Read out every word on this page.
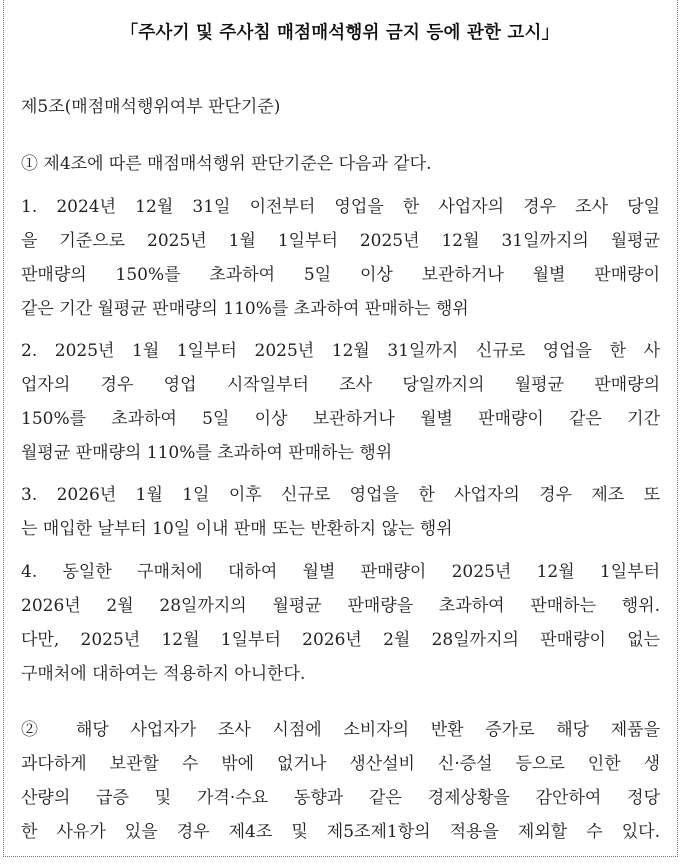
「주사기 및 주사침 매점매석행위 금지 등에 관한 고시」
제5조(매점매석행위여부 판단기준)
① 제4조에 따른 매점매석행위 판단기준은 다음과 같다.
1. 2024년 12월 31일 이전부터 영업을 한 사업자의 경우 조사 당일
을 기준으로 2025년 1월 1일부터 2025년 12월 31일까지의 월평균
판매량의 150%를 초과하여 5일 이상 보관하거나 월별 판매량이
같은 기간 월평균 판매량의 110%를 초과하여 판매하는 행위
2. 2025년 1월 1일부터 2025년 12월 31일까지 신규로 영업을 한 사
업자의 경우 영업 시작일부터 조사 당일까지의 월평균 판매량의
150%를 초과하여 5일 이상 보관하거나 월별 판매량이 같은 기간
월평균 판매량의 110%를 초과하여 판매하는 행위
3. 2026년 1월 1일 이후 신규로 영업을 한 사업자의 경우 제조 또
는 매입한 날부터 10일 이내 판매 또는 반환하지 않는 행위
4. 동일한 구매처에 대하여 월별 판매량이 2025년 12월 1일부터
2026년 2월 28일까지의 월평균 판매량을 초과하여 판매하는 행위.
다만, 2025년 12월 1일부터 2026년 2월 28일까지의 판매량이 없는
구매처에 대하여는 적용하지 아니한다.
② 해당 사업자가 조사 시점에 소비자의 반환 증가로 해당 제품을
과다하게 보관할 수 밖에 없거나 생산설비 신·증설 등으로 인한 생
산량의 급증 및 가격·수요 동향과 같은 경제상황을 감안하여 정당
한 사유가 있을 경우 제4조 및 제5조제1항의 적용을 제외할 수 있다.
